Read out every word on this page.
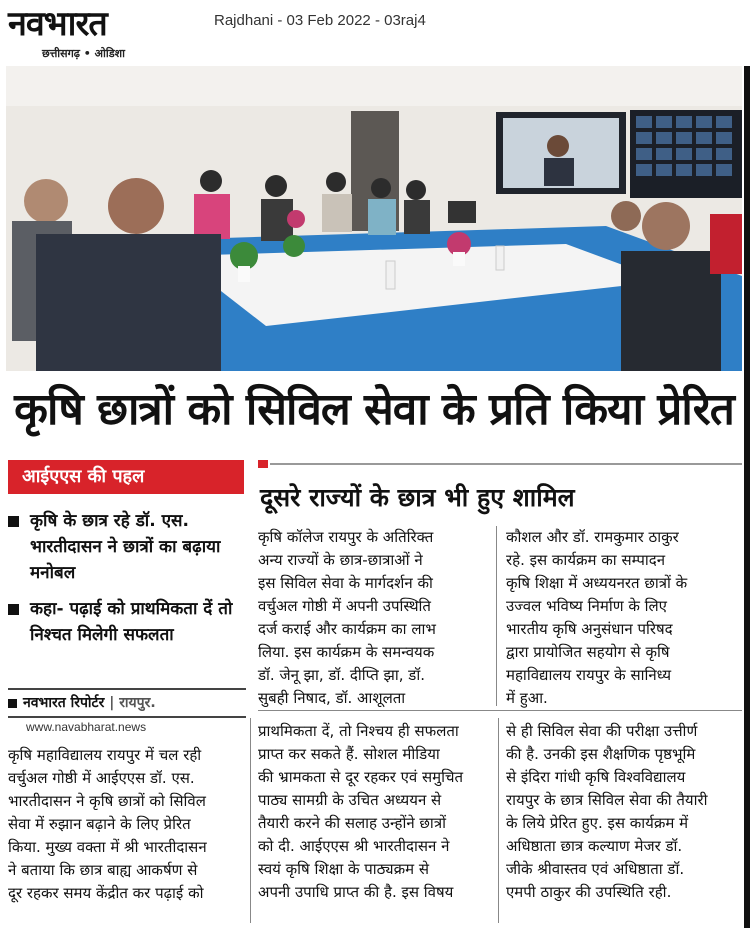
नवभारत
छत्तीसगढ़ • ओडिशा
Rajdhani - 03 Feb 2022 - 03raj4
कृषि छात्रों को सिविल सेवा के प्रति किया प्रेरित
आईएएस की पहल
कृषि के छात्र रहे डॉ. एस. भारतीदासन ने छात्रों का बढ़ाया मनोबल
कहा- पढ़ाई को प्राथमिकता दें तो निश्चत मिलेगी सफलता
नवभारत रिपोर्टर | रायपुर.
www.navabharat.news
दूसरे राज्यों के छात्र भी हुए शामिल
कृषि कॉलेज रायपुर के अतिरिक्त
अन्य राज्यों के छात्र-छात्राओं ने
इस सिविल सेवा के मार्गदर्शन की
वर्चुअल गोष्ठी में अपनी उपस्थिति
दर्ज कराई और कार्यक्रम का लाभ
लिया. इस कार्यक्रम के समन्वयक
डॉ. जेनू झा, डॉ. दीप्ति झा, डॉ.
सुबही निषाद, डॉ. आशूलता
कौशल और डॉ. रामकुमार ठाकुर
रहे. इस कार्यक्रम का सम्पादन
कृषि शिक्षा में अध्ययनरत छात्रों के
उज्वल भविष्य निर्माण के लिए
भारतीय कृषि अनुसंधान परिषद
द्वारा प्रायोजित सहयोग से कृषि
महाविद्यालय रायपुर के सानिध्य
में हुआ.
कृषि महाविद्यालय रायपुर में चल रही
वर्चुअल गोष्ठी में आईएएस डॉ. एस.
भारतीदासन ने कृषि छात्रों को सिविल
सेवा में रुझान बढ़ाने के लिए प्रेरित
किया. मुख्य वक्ता में श्री भारतीदासन
ने बताया कि छात्र बाह्य आकर्षण से
दूर रहकर समय केंद्रीत कर पढ़ाई को
प्राथमिकता दें, तो निश्चय ही सफलता
प्राप्त कर सकते हैं. सोशल मीडिया
की भ्रामकता से दूर रहकर एवं समुचित
पाठ्य सामग्री के उचित अध्ययन से
तैयारी करने की सलाह उन्होंने छात्रों
को दी. आईएएस श्री भारतीदासन ने
स्वयं कृषि शिक्षा के पाठ्यक्रम से
अपनी उपाधि प्राप्त की है. इस विषय
से ही सिविल सेवा की परीक्षा उत्तीर्ण
की है. उनकी इस शैक्षणिक पृष्ठभूमि
से इंदिरा गांधी कृषि विश्वविद्यालय
रायपुर के छात्र सिविल सेवा की तैयारी
के लिये प्रेरित हुए. इस कार्यक्रम में
अधिष्ठाता छात्र कल्याण मेजर डॉ.
जीके श्रीवास्तव एवं अधिष्ठाता डॉ.
एमपी ठाकुर की उपस्थिति रही.
